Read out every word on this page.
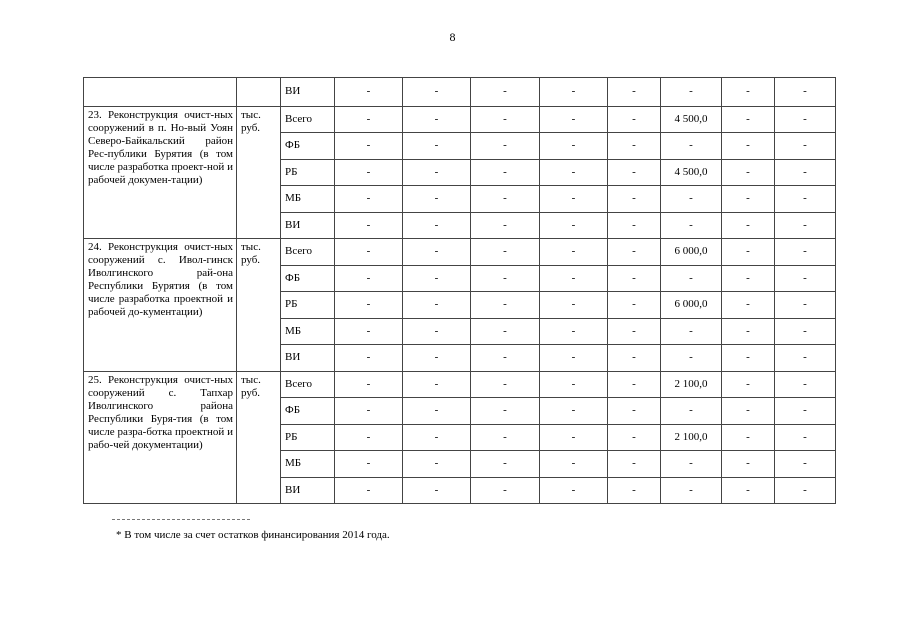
8
		ВИ	-	-	-	-	-	-	-	-
23. Реконструкция очист-ных сооружений в п. Но-вый Уоян Северо-Байкальский район Рес-публики Бурятия (в том числе разработка проект-ной и рабочей докумен-тации)	тыс. руб.	Всего	-	-	-	-	-	4 500,0	-	-
		ФБ	-	-	-	-	-	-	-	-
		РБ	-	-	-	-	-	4 500,0	-	-
		МБ	-	-	-	-	-	-	-	-
		ВИ	-	-	-	-	-	-	-	-
24. Реконструкция очист-ных сооружений с. Ивол-гинск Иволгинского рай-она Республики Бурятия (в том числе разработка проектной и рабочей до-кументации)	тыс. руб.	Всего	-	-	-	-	-	6 000,0	-	-
		ФБ	-	-	-	-	-	-	-	-
		РБ	-	-	-	-	-	6 000,0	-	-
		МБ	-	-	-	-	-	-	-	-
		ВИ	-	-	-	-	-	-	-	-
25. Реконструкция очист-ных сооружений с. Тапхар Иволгинского района Республики Буря-тия (в том числе разра-ботка проектной и рабо-чей документации)	тыс. руб.	Всего	-	-	-	-	-	2 100,0	-	-
		ФБ	-	-	-	-	-	-	-	-
		РБ	-	-	-	-	-	2 100,0	-	-
		МБ	-	-	-	-	-	-	-	-
		ВИ	-	-	-	-	-	-	-	-
* В том числе за счет остатков финансирования 2014 года.
